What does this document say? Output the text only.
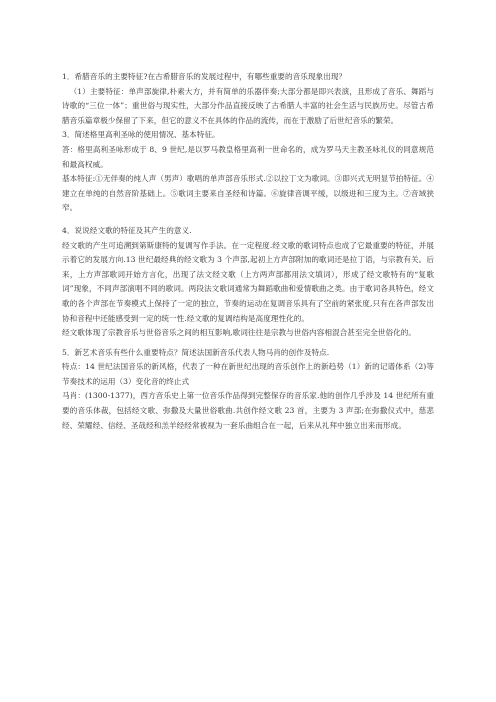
1．希腊音乐的主要特征?在古希腊音乐的发展过程中，有哪些重要的音乐现象出现？

（1）主要特征：单声部旋律,朴素大方，并有简单的乐器伴奏;大部分都是即兴表演，且形成了音乐、舞蹈与诗歌的“三位一体”；重世俗与现实性，大部分作品直接反映了古希腊人丰富的社会生活与民族历史。尽管古希腊音乐篇章极少保留了下来，但它的意义不在具体的作品的流传，而在于激励了后世纪音乐的繁荣。

3．简述格里高利圣咏的使用情况、基本特征。

答：格里高利圣咏形成于 8、9 世纪,是以罗马教皇格里高利一世命名的，成为罗马天主教圣咏礼仪的同意规范和最高权威。

基本特征:①无伴奏的纯人声（男声）歌唱的单声部音乐形式.②以拉丁文为歌词。③即兴式无明显节拍特征。④建立在单纯的自然音阶基础上。⑤歌词主要来自圣经和诗篇。⑥旋律音调平缓，以级进和三度为主。⑦音域狭窄。

4．说说经文歌的特征及其产生的意义.

经文歌的产生可追溯到第斯康特的复调写作手法。在一定程度.经文歌的歌词特点也成了它最重要的特征，并展示着它的发展方向.13 世纪最经典的经文歌为 3 个声部,起初上方声部附加的歌词还是拉丁语，与宗教有关。后来，上方声部歌词开始方言化，出现了法文经文歌（上方两声部都用法文填词），形成了经文歌特有的“复歌词”现象，不同声部演唱不同的歌词。两段法文歌词通常为舞蹈歌曲和爱情歌曲之类。由于歌词各具特色，经文歌的各个声部在节奏模式上保持了一定的独立，节奏的运动在复调音乐具有了空前的紧张度,只有在各声部发出协和音程中还能感受到一定的统一性.经文歌的复调结构是高度理性化的。

经文歌体现了宗教音乐与世俗音乐之间的相互影响,歌词往往是宗教与世俗内容相混合甚至完全世俗化的。

5．新艺术音乐有些什么重要特点？简述法国新音乐代表人物马肖的创作及特点.

特点：14 世纪法国音乐的新风格，代表了一种在新世纪出现的音乐创作上的新趋势（1）新的记谱体系（2)等节奏技术的运用（3）变化音的终止式

马肖：(1300-1377)，西方音乐史上第一位音乐作品得到完整保存的音乐家.他的创作几乎涉及 14 世纪所有重要的音乐体裁，包括经文歌、弥撒及大量世俗歌曲.共创作经文歌 23 首，主要为 3 声部;在弥撒仪式中，慈悲经、荣耀经、信经、圣哉经和羔羊经经常被视为一套乐曲组合在一起，后来从礼拜中独立出来而形成。
